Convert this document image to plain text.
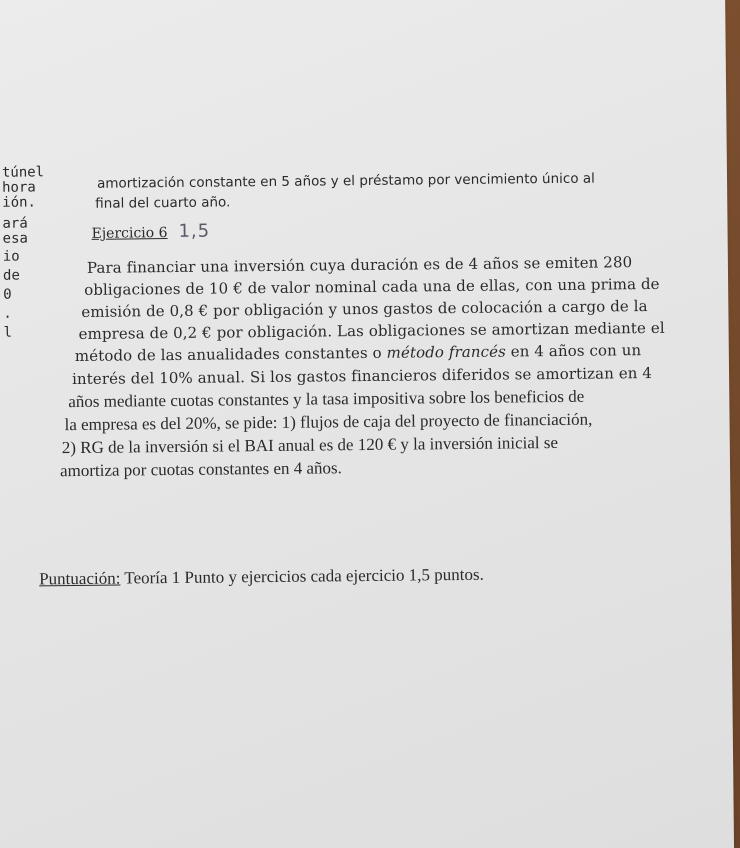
túnel
hora
ión.
ará
esa
io
de
0
.
l
amortización constante en 5 años y el préstamo por vencimiento único al
final del cuarto año.
Ejercicio 6 1,5
Para financiar una inversión cuya duración es de 4 años se emiten 280
obligaciones de 10 € de valor nominal cada una de ellas, con una prima de
emisión de 0,8 € por obligación y unos gastos de colocación a cargo de la
empresa de 0,2 € por obligación. Las obligaciones se amortizan mediante el
método de las anualidades constantes o método francés en 4 años con un
interés del 10% anual. Si los gastos financieros diferidos se amortizan en 4
años mediante cuotas constantes y la tasa impositiva sobre los beneficios de
la empresa es del 20%, se pide: 1) flujos de caja del proyecto de financiación,
2) RG de la inversión si el BAI anual es de 120 € y la inversión inicial se
amortiza por cuotas constantes en 4 años.
Puntuación: Teoría 1 Punto y ejercicios cada ejercicio 1,5 puntos.
